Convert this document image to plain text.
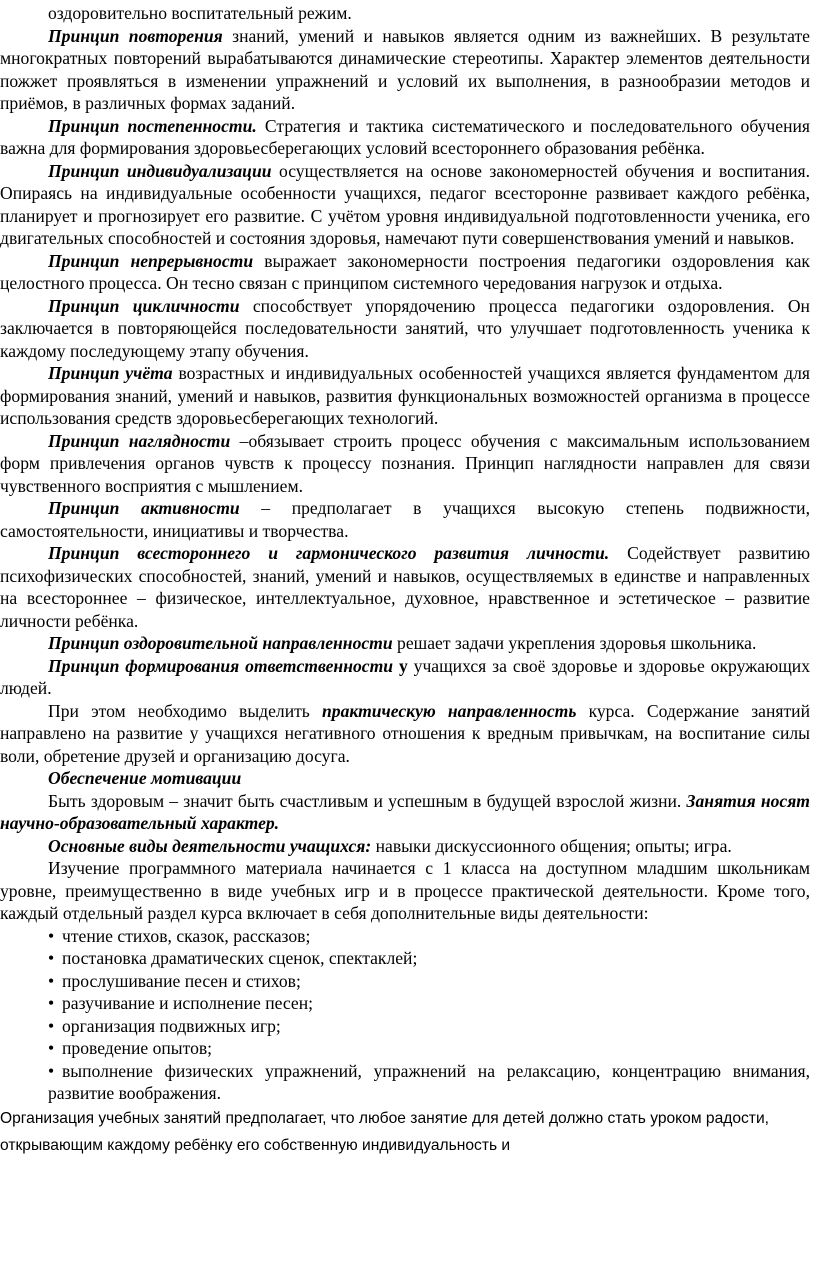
оздоровительно воспитательный режим.

Принцип повторения знаний, умений и навыков является одним из важнейших. В результате многократных повторений вырабатываются динамические стереотипы. Характер элементов деятельности пожжет проявляться в изменении упражнений и условий их выполнения, в разнообразии методов и приёмов, в различных формах заданий.

Принцип постепенности. Стратегия и тактика систематического и последовательного обучения важна для формирования здоровьесберегающих условий всестороннего образования ребёнка.

Принцип индивидуализации осуществляется на основе закономерностей обучения и воспитания. Опираясь на индивидуальные особенности учащихся, педагог всесторонне развивает каждого ребёнка, планирует и прогнозирует его развитие. С учётом уровня индивидуальной подготовленности ученика, его двигательных способностей и состояния здоровья, намечают пути совершенствования умений и навыков.

Принцип непрерывности выражает закономерности построения педагогики оздоровления как целостного процесса. Он тесно связан с принципом системного чередования нагрузок и отдыха.

Принцип цикличности способствует упорядочению процесса педагогики оздоровления. Он заключается в повторяющейся последовательности занятий, что улучшает подготовленность ученика к каждому последующему этапу обучения.

Принцип учёта возрастных и индивидуальных особенностей учащихся является фундаментом для формирования знаний, умений и навыков, развития функциональных возможностей организма в процессе использования средств здоровьесберегающих технологий.

Принцип наглядности –обязывает строить процесс обучения с максимальным использованием форм привлечения органов чувств к процессу познания. Принцип наглядности направлен для связи чувственного восприятия с мышлением.

Принцип активности – предполагает в учащихся высокую степень подвижности, самостоятельности, инициативы и творчества.

Принцип всестороннего и гармонического развития личности. Содействует развитию психофизических способностей, знаний, умений и навыков, осуществляемых в единстве и направленных на всестороннее – физическое, интеллектуальное, духовное, нравственное и эстетическое – развитие личности ребёнка.

Принцип оздоровительной направленности решает задачи укрепления здоровья школьника.

Принцип формирования ответственности у учащихся за своё здоровье и здоровье окружающих людей.

При этом необходимо выделить практическую направленность курса. Содержание занятий направлено на развитие у учащихся негативного отношения к вредным привычкам, на воспитание силы воли, обретение друзей и организацию досуга.

Обеспечение мотивации

Быть здоровым – значит быть счастливым и успешным в будущей взрослой жизни. Занятия носят научно-образовательный характер.

Основные виды деятельности учащихся: навыки дискуссионного общения; опыты; игра.

Изучение программного материала начинается с 1 класса на доступном младшим школьникам уровне, преимущественно в виде учебных игр и в процессе практической деятельности. Кроме того, каждый отдельный раздел курса включает в себя дополнительные виды деятельности:

• чтение стихов, сказок, рассказов;
• постановка драматических сценок, спектаклей;
• прослушивание песен и стихов;
• разучивание и исполнение песен;
• организация подвижных игр;
• проведение опытов;
• выполнение физических упражнений, упражнений на релаксацию, концентрацию внимания, развитие воображения.

Организация учебных занятий предполагает, что любое занятие для детей должно стать уроком радости,

открывающим каждому ребёнку его собственную индивидуальность и
